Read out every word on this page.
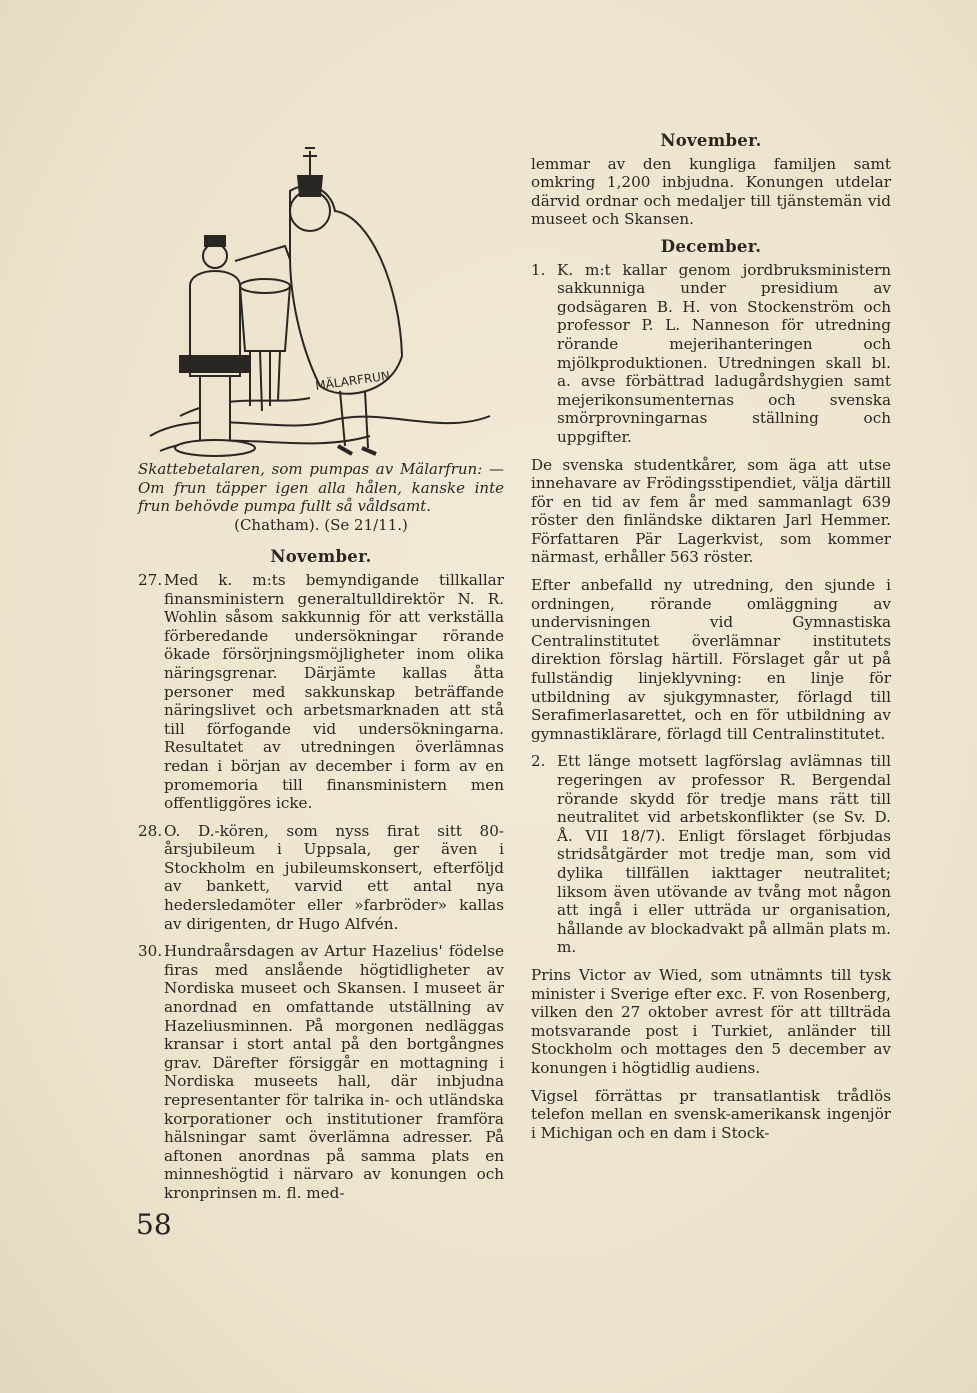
SKATTEBETALARE
MÄLARFRUN
Skattebetalaren, som pumpas av Mälarfrun: — Om frun täpper igen alla hålen, kanske inte frun behövde pumpa fullt så våldsamt.
(Chatham). (Se 21/11.)
November.
27. Med k. m:ts bemyndigande tillkallar finansministern generaltulldirektör N. R. Wohlin såsom sakkunnig för att verkställa förberedande undersökningar rörande ökade försörjningsmöjligheter inom olika näringsgrenar. Därjämte kallas åtta personer med sakkunskap beträffande näringslivet och arbetsmarknaden att stå till förfogande vid undersökningarna. Resultatet av utredningen överlämnas redan i början av december i form av en promemoria till finansministern men offentliggöres icke.
28. O. D.-kören, som nyss firat sitt 80-årsjubileum i Uppsala, ger även i Stockholm en jubileumskonsert, efterföljd av bankett, varvid ett antal nya hedersledamöter eller »farbröder» kallas av dirigenten, dr Hugo Alfvén.
30. Hundraårsdagen av Artur Hazelius' födelse firas med anslående högtidligheter av Nordiska museet och Skansen. I museet är anordnad en omfattande utställning av Hazeliusminnen. På morgonen nedläggas kransar i stort antal på den bortgångnes grav. Därefter försiggår en mottagning i Nordiska museets hall, där inbjudna representanter för talrika in- och utländska korporationer och institutioner framföra hälsningar samt överlämna adresser. På aftonen anordnas på samma plats en minneshögtid i närvaro av konungen och kronprinsen m. fl. med-
November.

lemmar av den kungliga familjen samt omkring 1,200 inbjudna. Konungen utdelar därvid ordnar och medaljer till tjänstemän vid museet och Skansen.

December.
1. K. m:t kallar genom jordbruksministern sakkunniga under presidium av godsägaren B. H. von Stockenström och professor P. L. Nanneson för utredning rörande mejerihanteringen och mjölkproduktionen. Utredningen skall bl. a. avse förbättrad ladugårdshygien samt mejerikonsumenternas och svenska smörprovningarnas ställning och uppgifter.

De svenska studentkårer, som äga att utse innehavare av Frödingsstipendiet, välja därtill för en tid av fem år med sammanlagt 639 röster den finländske diktaren Jarl Hemmer. Författaren Pär Lagerkvist, som kommer närmast, erhåller 563 röster.

Efter anbefalld ny utredning, den sjunde i ordningen, rörande omläggning av undervisningen vid Gymnastiska Centralinstitutet överlämnar institutets direktion förslag härtill. Förslaget går ut på fullständig linjeklyvning: en linje för utbildning av sjukgymnaster, förlagd till Serafimerlasarettet, och en för utbildning av gymnastiklärare, förlagd till Centralinstitutet.

2. Ett länge motsett lagförslag avlämnas till regeringen av professor R. Bergendal rörande skydd för tredje mans rätt till neutralitet vid arbetskonflikter (se Sv. D. Å. VII 18/7). Enligt förslaget förbjudas stridsåtgärder mot tredje man, som vid dylika tillfällen iakttager neutralitet; liksom även utövande av tvång mot någon att ingå i eller utträda ur organisation, hållande av blockadvakt på allmän plats m. m.

Prins Victor av Wied, som utnämnts till tysk minister i Sverige efter exc. F. von Rosenberg, vilken den 27 oktober avrest för att tillträda motsvarande post i Turkiet, anländer till Stockholm och mottages den 5 december av konungen i högtidlig audiens.

Vigsel förrättas pr transatlantisk trådlös telefon mellan en svensk-amerikansk ingenjör i Michigan och en dam i Stock-

58
